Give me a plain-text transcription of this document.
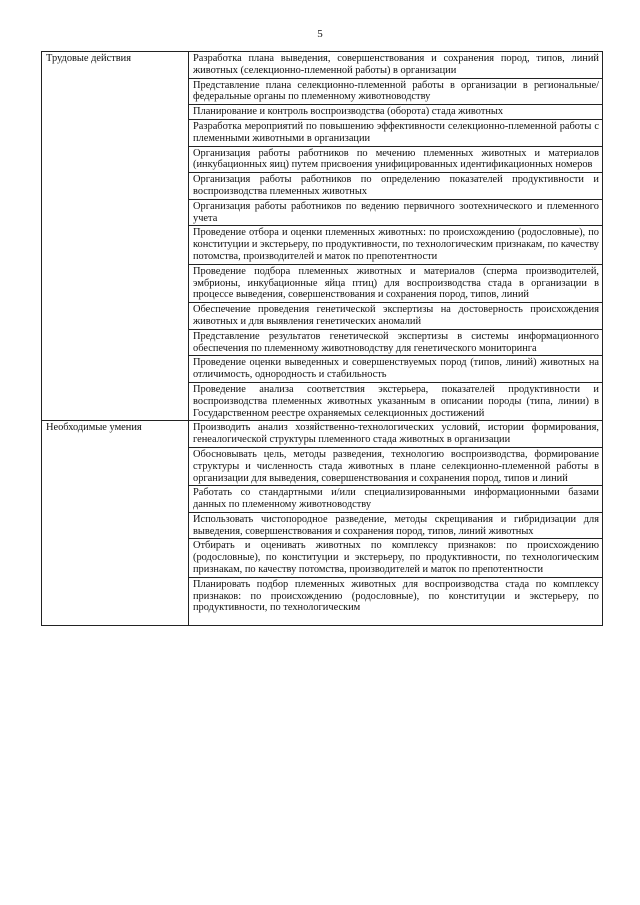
5
Трудовые действия	Разработка плана выведения, совершенствования и сохранения пород, типов, линий животных (селекционно-племенной работы) в организации
	Представление плана селекционно-племенной работы в организации в региональные/федеральные органы по племенному животноводству
	Планирование и контроль воспроизводства (оборота) стада животных
	Разработка мероприятий по повышению эффективности селекционно-племенной работы с племенными животными в организации
	Организация работы работников по мечению племенных животных и материалов (инкубационных яиц) путем присвоения унифицированных идентификационных номеров
	Организация работы работников по определению показателей продуктивности и воспроизводства племенных животных
	Организация работы работников по ведению первичного зоотехнического и племенного учета
	Проведение отбора и оценки племенных животных: по происхождению (родословные), по конституции и экстерьеру, по продуктивности, по технологическим признакам, по качеству потомства, производителей и маток по препотентности
	Проведение подбора племенных животных и материалов (сперма производителей, эмбрионы, инкубационные яйца птиц) для воспроизводства стада в организации в процессе выведения, совершенствования и сохранения пород, типов, линий
	Обеспечение проведения генетической экспертизы на достоверность происхождения животных и для выявления генетических аномалий
	Представление результатов генетической экспертизы в системы информационного обеспечения по племенному животноводству для генетического мониторинга
	Проведение оценки выведенных и совершенствуемых пород (типов, линий) животных на отличимость, однородность и стабильность
	Проведение анализа соответствия экстерьера, показателей продуктивности и воспроизводства племенных животных указанным в описании породы (типа, линии) в Государственном реестре охраняемых селекционных достижений
Необходимые умения	Производить анализ хозяйственно-технологических условий, истории формирования, генеалогической структуры племенного стада животных в организации
	Обосновывать цель, методы разведения, технологию воспроизводства, формирование структуры и численность стада животных в плане селекционно-племенной работы в организации для выведения, совершенствования и сохранения пород, типов и линий
	Работать со стандартными и/или специализированными информационными базами данных по племенному животноводству
	Использовать чистопородное разведение, методы скрещивания и гибридизации для выведения, совершенствования и сохранения пород, типов, линий животных
	Отбирать и оценивать животных по комплексу признаков: по происхождению (родословные), по конституции и экстерьеру, по продуктивности, по технологическим признакам, по качеству потомства, производителей и маток по препотентности

	Планировать подбор племенных животных для воспроизводства стада по комплексу признаков: по происхождению (родословные), по конституции и экстерьеру, по продуктивности, по технологическим
